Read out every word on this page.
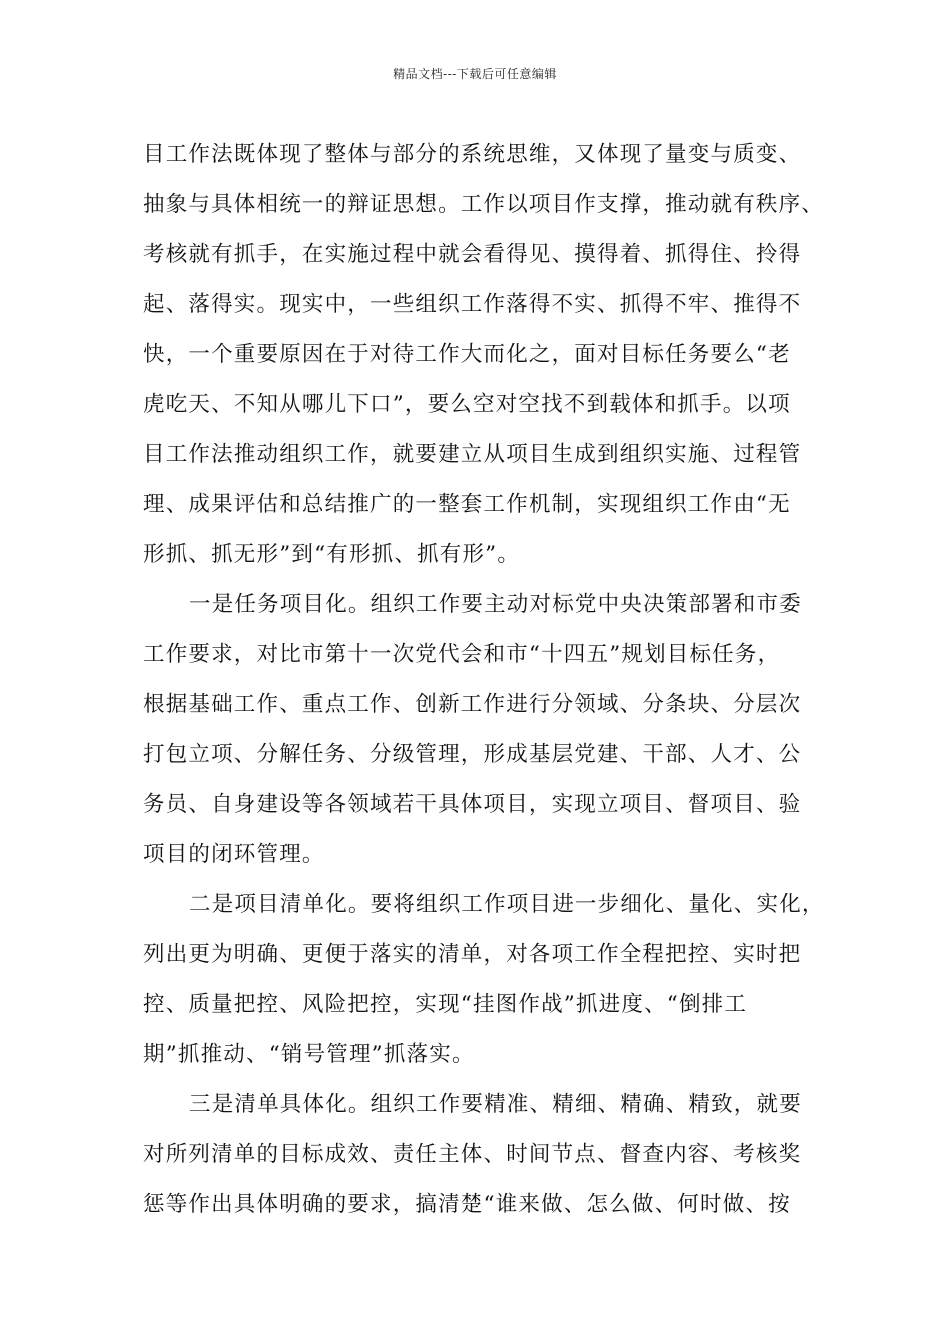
精品文档---下载后可任意编辑
目工作法既体现了整体与部分的系统思维，又体现了量变与质变、
抽象与具体相统一的辩证思想。工作以项目作支撑，推动就有秩序、
考核就有抓手，在实施过程中就会看得见、摸得着、抓得住、拎得
起、落得实。现实中，一些组织工作落得不实、抓得不牢、推得不
快，一个重要原因在于对待工作大而化之，面对目标任务要么“老
虎吃天、不知从哪儿下口”，要么空对空找不到载体和抓手。以项
目工作法推动组织工作，就要建立从项目生成到组织实施、过程管
理、成果评估和总结推广的一整套工作机制，实现组织工作由“无
形抓、抓无形”到“有形抓、抓有形”。
一是任务项目化。组织工作要主动对标党中央决策部署和市委
工作要求，对比市第十一次党代会和市“十四五”规划目标任务，
根据基础工作、重点工作、创新工作进行分领域、分条块、分层次
打包立项、分解任务、分级管理，形成基层党建、干部、人才、公
务员、自身建设等各领域若干具体项目，实现立项目、督项目、验
项目的闭环管理。
二是项目清单化。要将组织工作项目进一步细化、量化、实化，
列出更为明确、更便于落实的清单，对各项工作全程把控、实时把
控、质量把控、风险把控，实现“挂图作战”抓进度、“倒排工
期”抓推动、“销号管理”抓落实。
三是清单具体化。组织工作要精准、精细、精确、精致，就要
对所列清单的目标成效、责任主体、时间节点、督查内容、考核奖
惩等作出具体明确的要求，搞清楚“谁来做、怎么做、何时做、按
